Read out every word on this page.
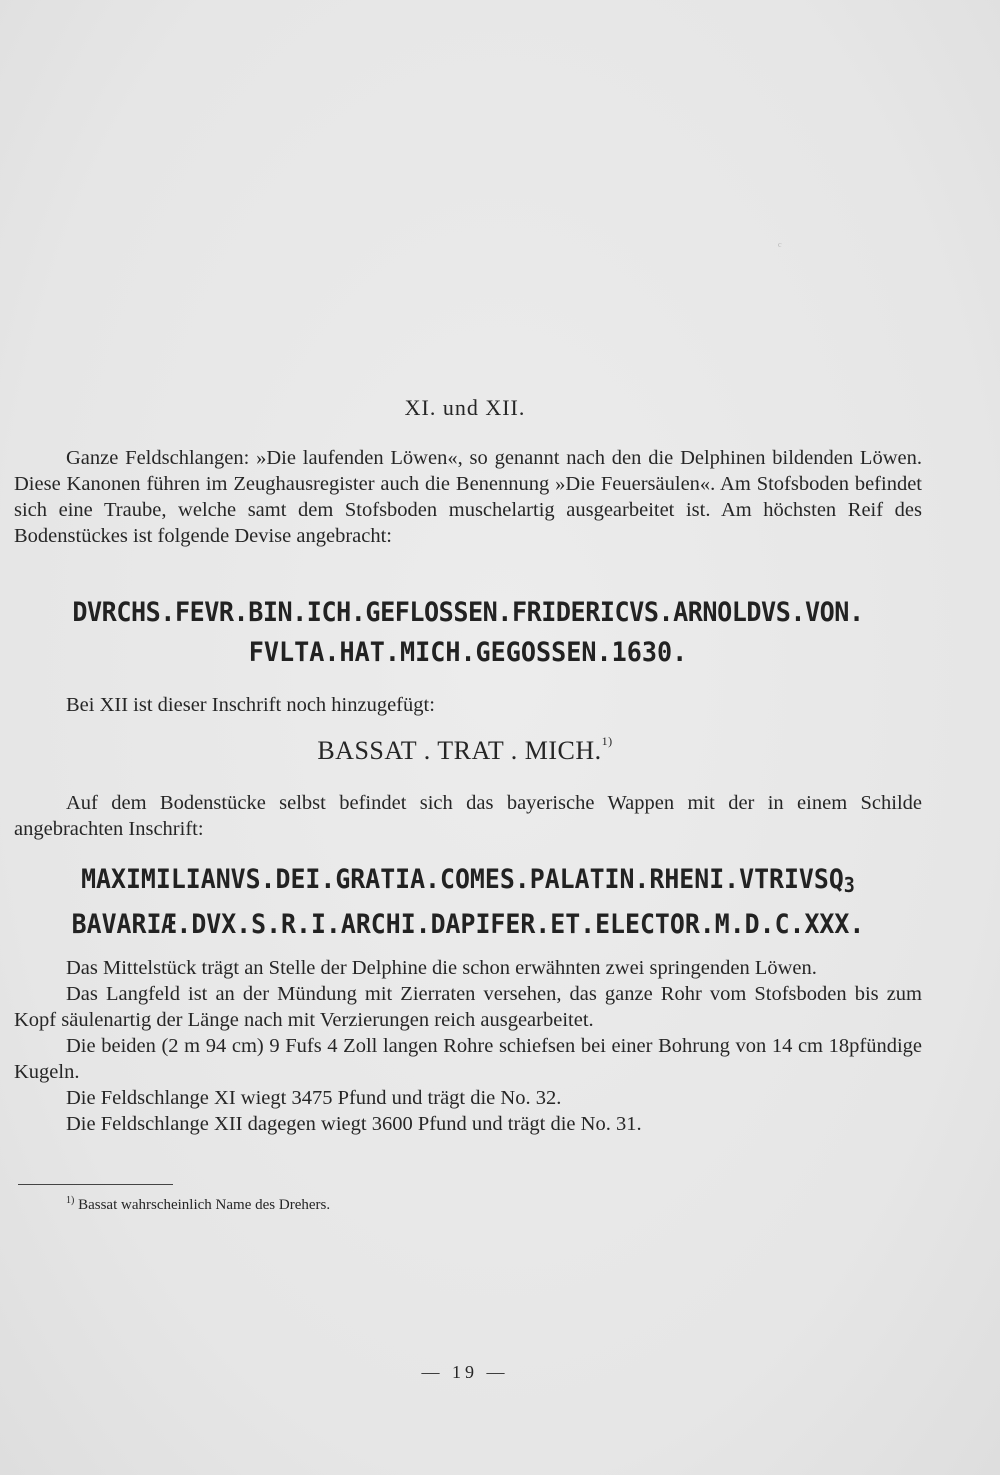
ᶜ
XI. und XII.
Ganze Feldschlangen: »Die laufenden Löwen«, so genannt nach den die Delphinen bildenden Löwen. Diese Kanonen führen im Zeughausregister auch die Benennung »Die Feuersäulen«. Am Stofsboden befindet sich eine Traube, welche samt dem Stofsboden muschelartig ausgearbeitet ist. Am höchsten Reif des Bodenstückes ist folgende Devise angebracht:
DVRCHS.FEVR.BIN.ICH.GEFLOSSEN.FRIDERICVS.ARNOLDVS.VON.
FVLTA.HAT.MICH.GEGOSSEN.1630.
Bei XII ist dieser Inschrift noch hinzugefügt:
BASSAT . TRAT . MICH.$^{1)}$
Auf dem Bodenstücke selbst befindet sich das bayerische Wappen mit der in einem Schilde angebrachten Inschrift:
$MAXIMILIANVS.DEI.GRATIA.COMES.PALATIN.RHENI.VTRIVSQ_3$
BAVARIÆ.DVX.S.R.I.ARCHI.DAPIFER.ET.ELECTOR.M.D.C.XXX.
Das Mittelstück trägt an Stelle der Delphine die schon erwähnten zwei springenden Löwen.
Das Langfeld ist an der Mündung mit Zierraten versehen, das ganze Rohr vom Stofsboden bis zum Kopf säulenartig der Länge nach mit Verzierungen reich ausgearbeitet.
Die beiden (2 m 94 cm) 9 Fufs 4 Zoll langen Rohre schiefsen bei einer Bohrung von 14 cm 18pfündige Kugeln.
Die Feldschlange XI wiegt 3475 Pfund und trägt die No. 32.
Die Feldschlange XII dagegen wiegt 3600 Pfund und trägt die No. 31.
$^{1)}$ Bassat wahrscheinlich Name des Drehers.
— 19 —
